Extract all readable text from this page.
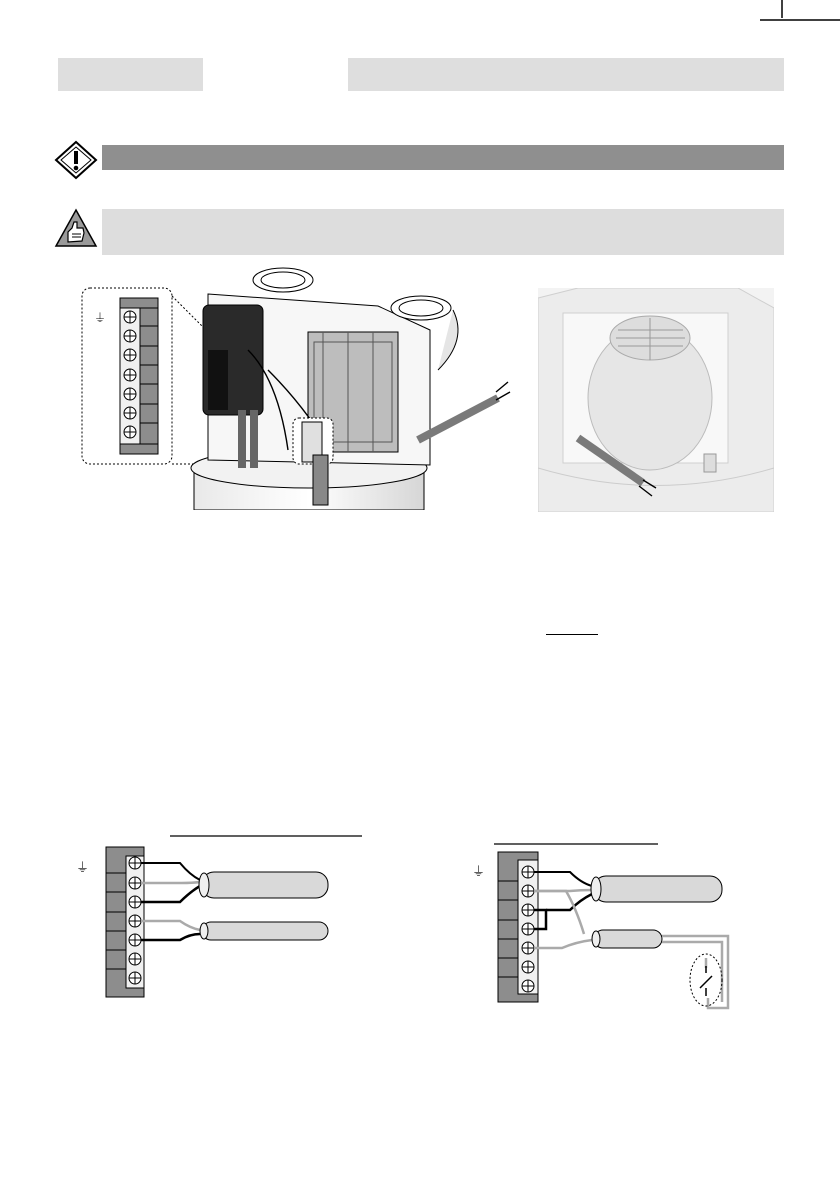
⏚
⏚	⏚
